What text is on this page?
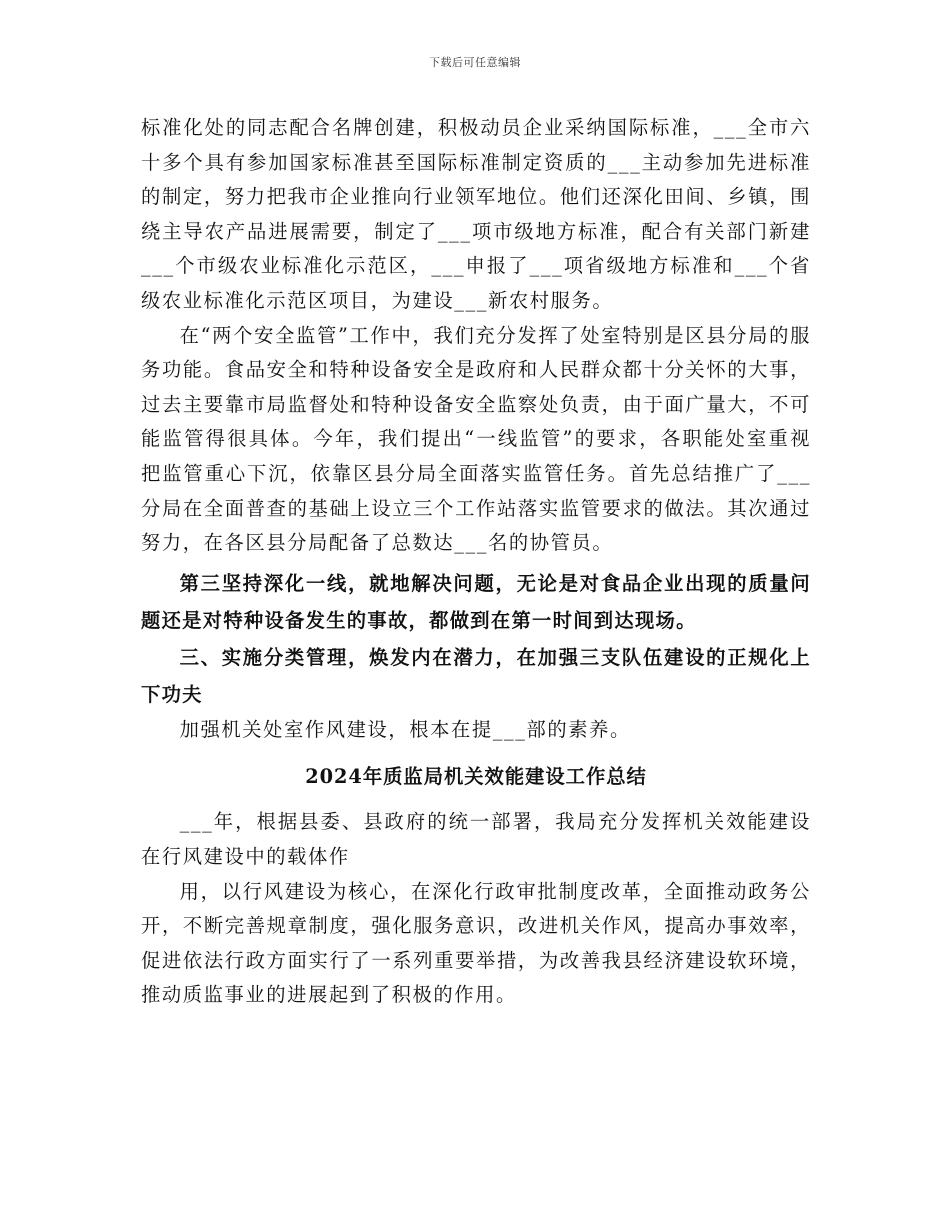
下载后可任意编辑

标准化处的同志配合名牌创建，积极动员企业采纳国际标准，___全市六十多个具有参加国家标准甚至国际标准制定资质的___主动参加先进标准的制定，努力把我市企业推向行业领军地位。他们还深化田间、乡镇，围绕主导农产品进展需要，制定了___项市级地方标准，配合有关部门新建___个市级农业标准化示范区，___申报了___项省级地方标准和___个省级农业标准化示范区项目，为建设___新农村服务。

在“两个安全监管”工作中，我们充分发挥了处室特别是区县分局的服务功能。食品安全和特种设备安全是政府和人民群众都十分关怀的大事，过去主要靠市局监督处和特种设备安全监察处负责，由于面广量大，不可能监管得很具体。今年，我们提出“一线监管”的要求，各职能处室重视把监管重心下沉，依靠区县分局全面落实监管任务。首先总结推广了___分局在全面普查的基础上设立三个工作站落实监管要求的做法。其次通过努力，在各区县分局配备了总数达___名的协管员。

第三坚持深化一线，就地解决问题，无论是对食品企业出现的质量问题还是对特种设备发生的事故，都做到在第一时间到达现场。

三、实施分类管理，焕发内在潜力，在加强三支队伍建设的正规化上下功夫

加强机关处室作风建设，根本在提___部的素养。

2024年质监局机关效能建设工作总结

___年，根据县委、县政府的统一部署，我局充分发挥机关效能建设在行风建设中的载体作

用，以行风建设为核心，在深化行政审批制度改革，全面推动政务公开，不断完善规章制度，强化服务意识，改进机关作风，提高办事效率，促进依法行政方面实行了一系列重要举措，为改善我县经济建设软环境，推动质监事业的进展起到了积极的作用。
